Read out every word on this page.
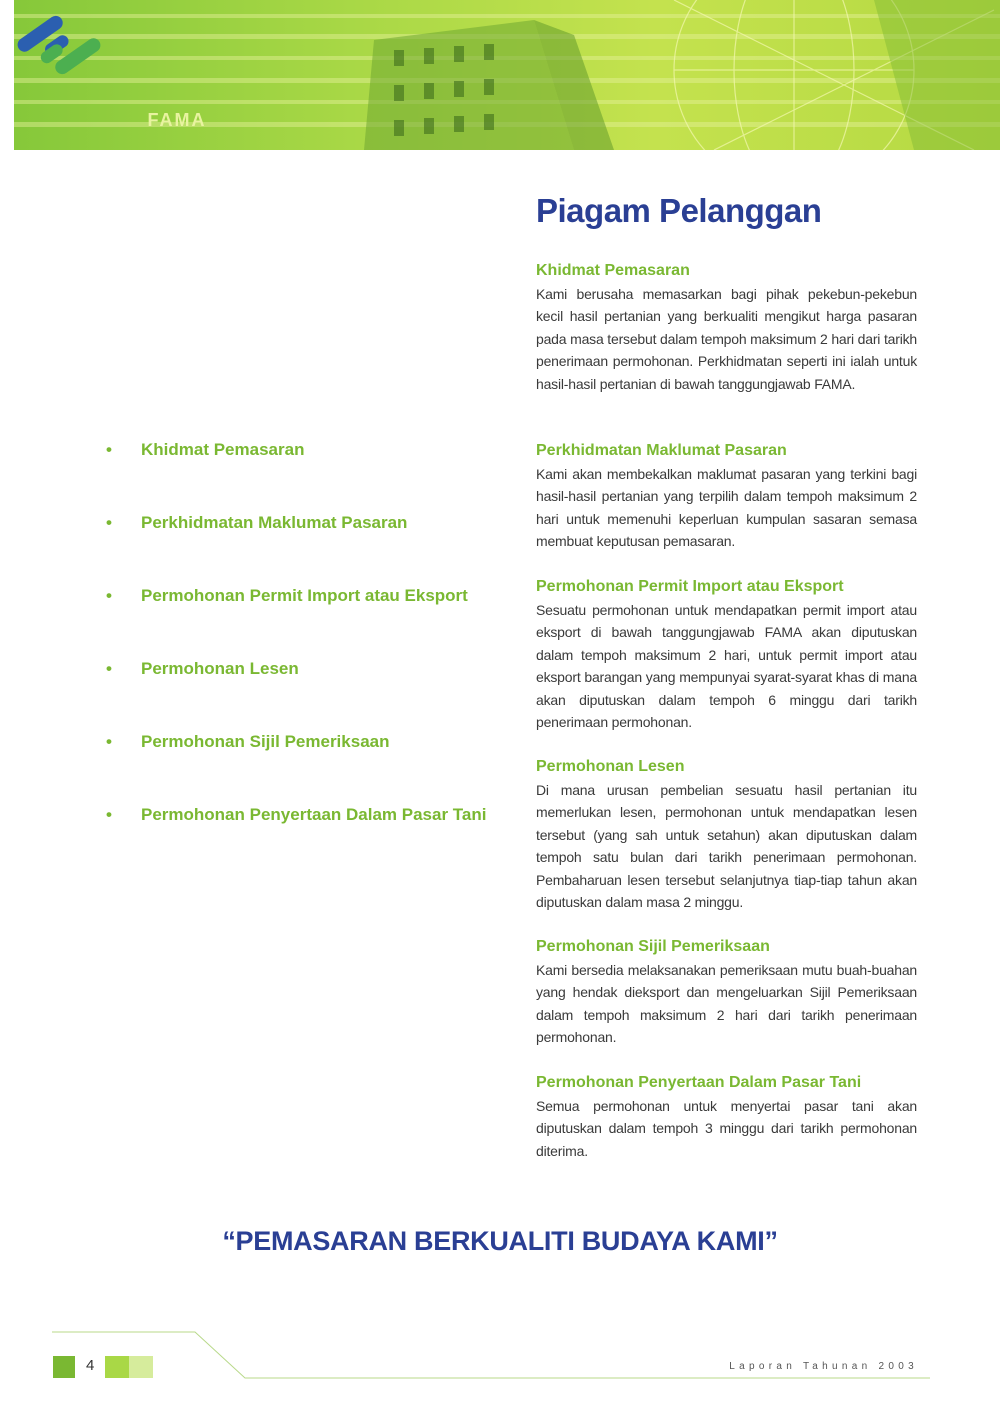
FAMA
Piagam Pelanggan
• Khidmat Pemasaran
• Perkhidmatan Maklumat Pasaran
• Permohonan Permit Import atau Eksport
• Permohonan Lesen
• Permohonan Sijil Pemeriksaan
• Permohonan Penyertaan Dalam Pasar Tani
Khidmat Pemasaran

Kami berusaha memasarkan bagi pihak pekebun-pekebun kecil hasil pertanian yang berkualiti mengikut harga pasaran pada masa tersebut dalam tempoh maksimum 2 hari dari tarikh penerimaan permohonan. Perkhidmatan seperti ini ialah untuk hasil-hasil pertanian di bawah tanggungjawab FAMA.

Perkhidmatan Maklumat Pasaran

Kami akan membekalkan maklumat pasaran yang terkini bagi hasil-hasil pertanian yang terpilih dalam tempoh maksimum 2 hari untuk memenuhi keperluan kumpulan sasaran semasa membuat keputusan pemasaran.

Permohonan Permit Import atau Eksport

Sesuatu permohonan untuk mendapatkan permit import atau eksport di bawah tanggungjawab FAMA akan diputuskan dalam tempoh maksimum 2 hari, untuk permit import atau eksport barangan yang mempunyai syarat-syarat khas di mana akan diputuskan dalam tempoh 6 minggu dari tarikh penerimaan permohonan.

Permohonan Lesen

Di mana urusan pembelian sesuatu hasil pertanian itu memerlukan lesen, permohonan untuk mendapatkan lesen tersebut (yang sah untuk setahun) akan diputuskan dalam tempoh satu bulan dari tarikh penerimaan permohonan. Pembaharuan lesen tersebut selanjutnya tiap-tiap tahun akan diputuskan dalam masa 2 minggu.

Permohonan Sijil Pemeriksaan

Kami bersedia melaksanakan pemeriksaan mutu buah-buahan yang hendak dieksport dan mengeluarkan Sijil Pemeriksaan dalam tempoh maksimum 2 hari dari tarikh penerimaan permohonan.

Permohonan Penyertaan Dalam Pasar Tani

Semua permohonan untuk menyertai pasar tani akan diputuskan dalam tempoh 3 minggu dari tarikh permohonan diterima.

“PEMASARAN BERKUALITI BUDAYA KAMI”
4	Laporan Tahunan 2003
